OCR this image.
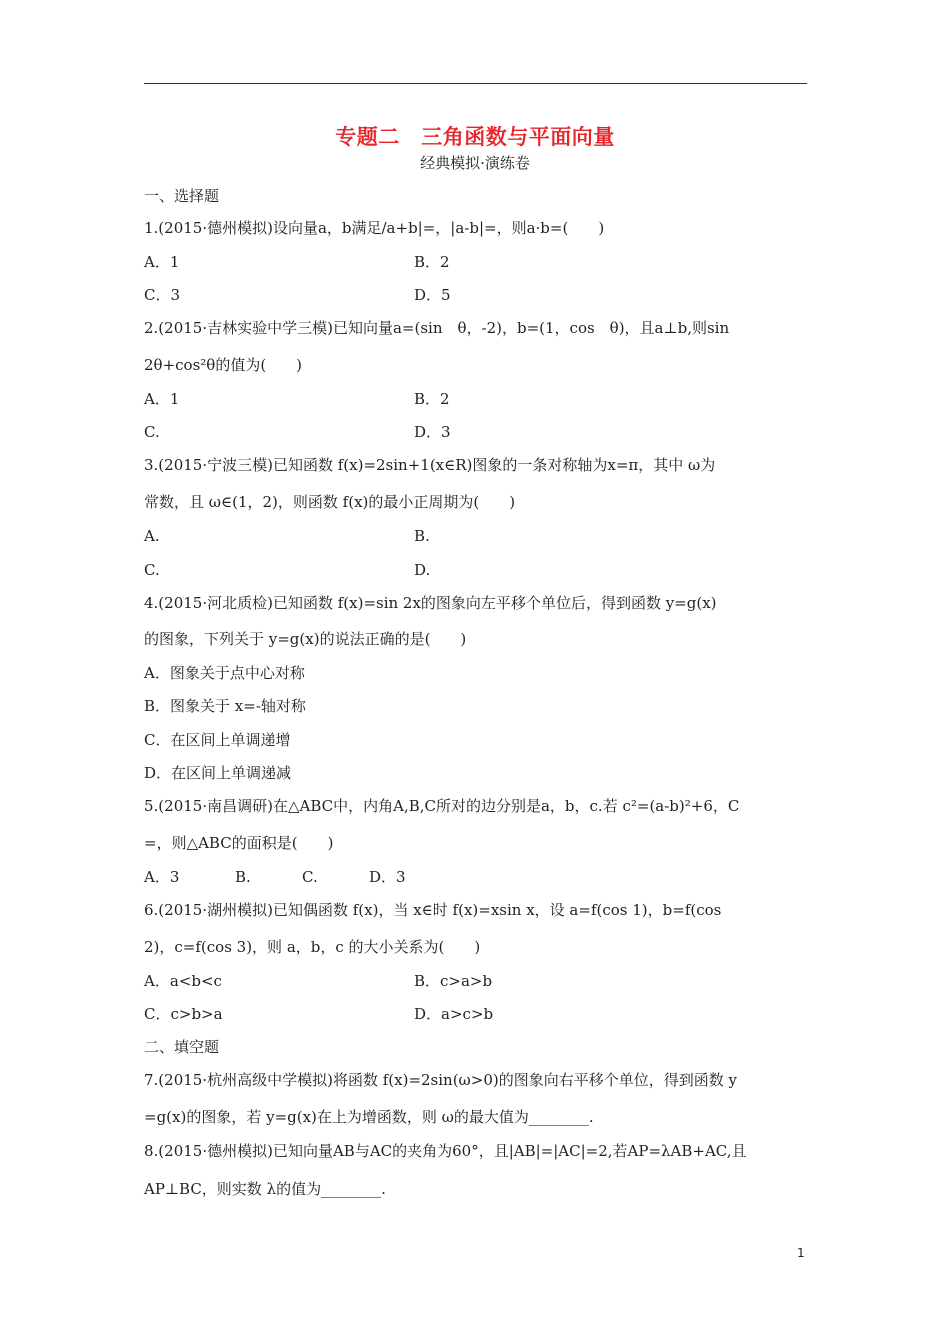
专题二　三角函数与平面向量
经典模拟·演练卷
一、选择题
1.(2015·德州模拟)设向量a，b满足/a+b|=，|a-b|=，则a·b=(　　)
A．1	B．2
C．3	D．5
2.(2015·吉林实验中学三模)已知向量a=(sin　θ，-2)，b=(1，cos　θ)，且a⊥b,则sin
2θ+cos²θ的值为(　　)
A．1	B．2
C.	D．3
3.(2015·宁波三模)已知函数 f(x)=2sin+1(x∈R)图象的一条对称轴为x=π，其中 ω为
常数，且 ω∈(1，2)，则函数 f(x)的最小正周期为(　　)
A.	B.
C.	D.
4.(2015·河北质检)已知函数 f(x)=sin 2x的图象向左平移个单位后，得到函数 y=g(x)
的图象，下列关于 y=g(x)的说法正确的是(　　)
A．图象关于点中心对称
B．图象关于 x=-轴对称
C．在区间上单调递增
D．在区间上单调递减
5.(2015·南昌调研)在△ABC中，内角A,B,C所对的边分别是a，b，c.若 c²=(a-b)²+6，C
=，则△ABC的面积是(　　)
A．3	B.	C.	D．3
6.(2015·湖州模拟)已知偶函数 f(x)，当 x∈时 f(x)=xsin x，设 a=f(cos 1)，b=f(cos
2)，c=f(cos 3)，则 a，b，c 的大小关系为(　　)
A．a<b<c	B．c>a>b
C．c>b>a	D．a>c>b
二、填空题
7.(2015·杭州高级中学模拟)将函数 f(x)=2sin(ω>0)的图象向右平移个单位，得到函数 y
=g(x)的图象，若 y=g(x)在上为增函数，则 ω的最大值为________.
8.(2015·德州模拟)已知向量AB与AC的夹角为60°，且|AB|=|AC|=2,若AP=λAB+AC,且
AP⊥BC，则实数 λ的值为________.
1
